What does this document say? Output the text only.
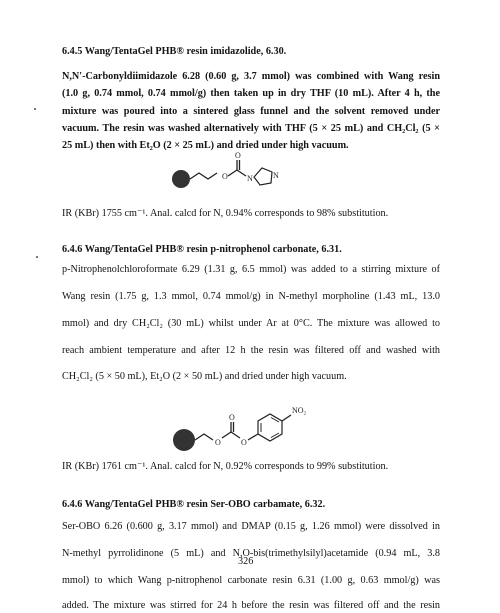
6.4.5 Wang/TentaGel PHB® resin imidazolide, 6.30.
N,N'-Carbonyldiimidazole 6.28 (0.60 g, 3.7 mmol) was combined with Wang resin
(1.0 g, 0.74 mmol, 0.74 mmol/g) then taken up in dry THF (10 mL). After 4 h, the
mixture was poured into a sintered glass funnel and the solvent removed under
vacuum. The resin was washed alternatively with THF (5 × 25 mL) and CH₂Cl₂ (5 ×
25 mL) then with Et₂O (2 × 25 mL) and dried under high vacuum.
O
O
N	N
IR (KBr) 1755 cm⁻¹. Anal. calcd for N, 0.94% corresponds to 98% substitution.
6.4.6 Wang/TentaGel PHB® resin p-nitrophenol carbonate, 6.31.
p-Nitrophenolchloroformate 6.29 (1.31 g, 6.5 mmol) was added to a stirring mixture of
Wang resin (1.75 g, 1.3 mmol, 0.74 mmol/g) in N-methyl morpholine (1.43 mL, 13.0
mmol) and dry CH₂Cl₂ (30 mL) whilst under Ar at 0°C. The mixture was allowed to
reach ambient temperature and after 12 h the resin was filtered off and washed with
CH₂Cl₂ (5 × 50 mL), Et₂O (2 × 50 mL) and dried under high vacuum.
O
O
O
NO₂
IR (KBr) 1761 cm⁻¹. Anal. calcd for N, 0.92% corresponds to 99% substitution.
6.4.6 Wang/TentaGel PHB® resin Ser-OBO carbamate, 6.32.
Ser-OBO 6.26 (0.600 g, 3.17 mmol) and DMAP (0.15 g, 1.26 mmol) were dissolved in
N-methyl pyrrolidinone (5 mL) and N,O-bis(trimethylsilyl)acetamide (0.94 mL, 3.8
mmol) to which Wang p-nitrophenol carbonate resin 6.31 (1.00 g, 0.63 mmol/g) was
added. The mixture was stirred for 24 h before the resin was filtered off and the resin
326
